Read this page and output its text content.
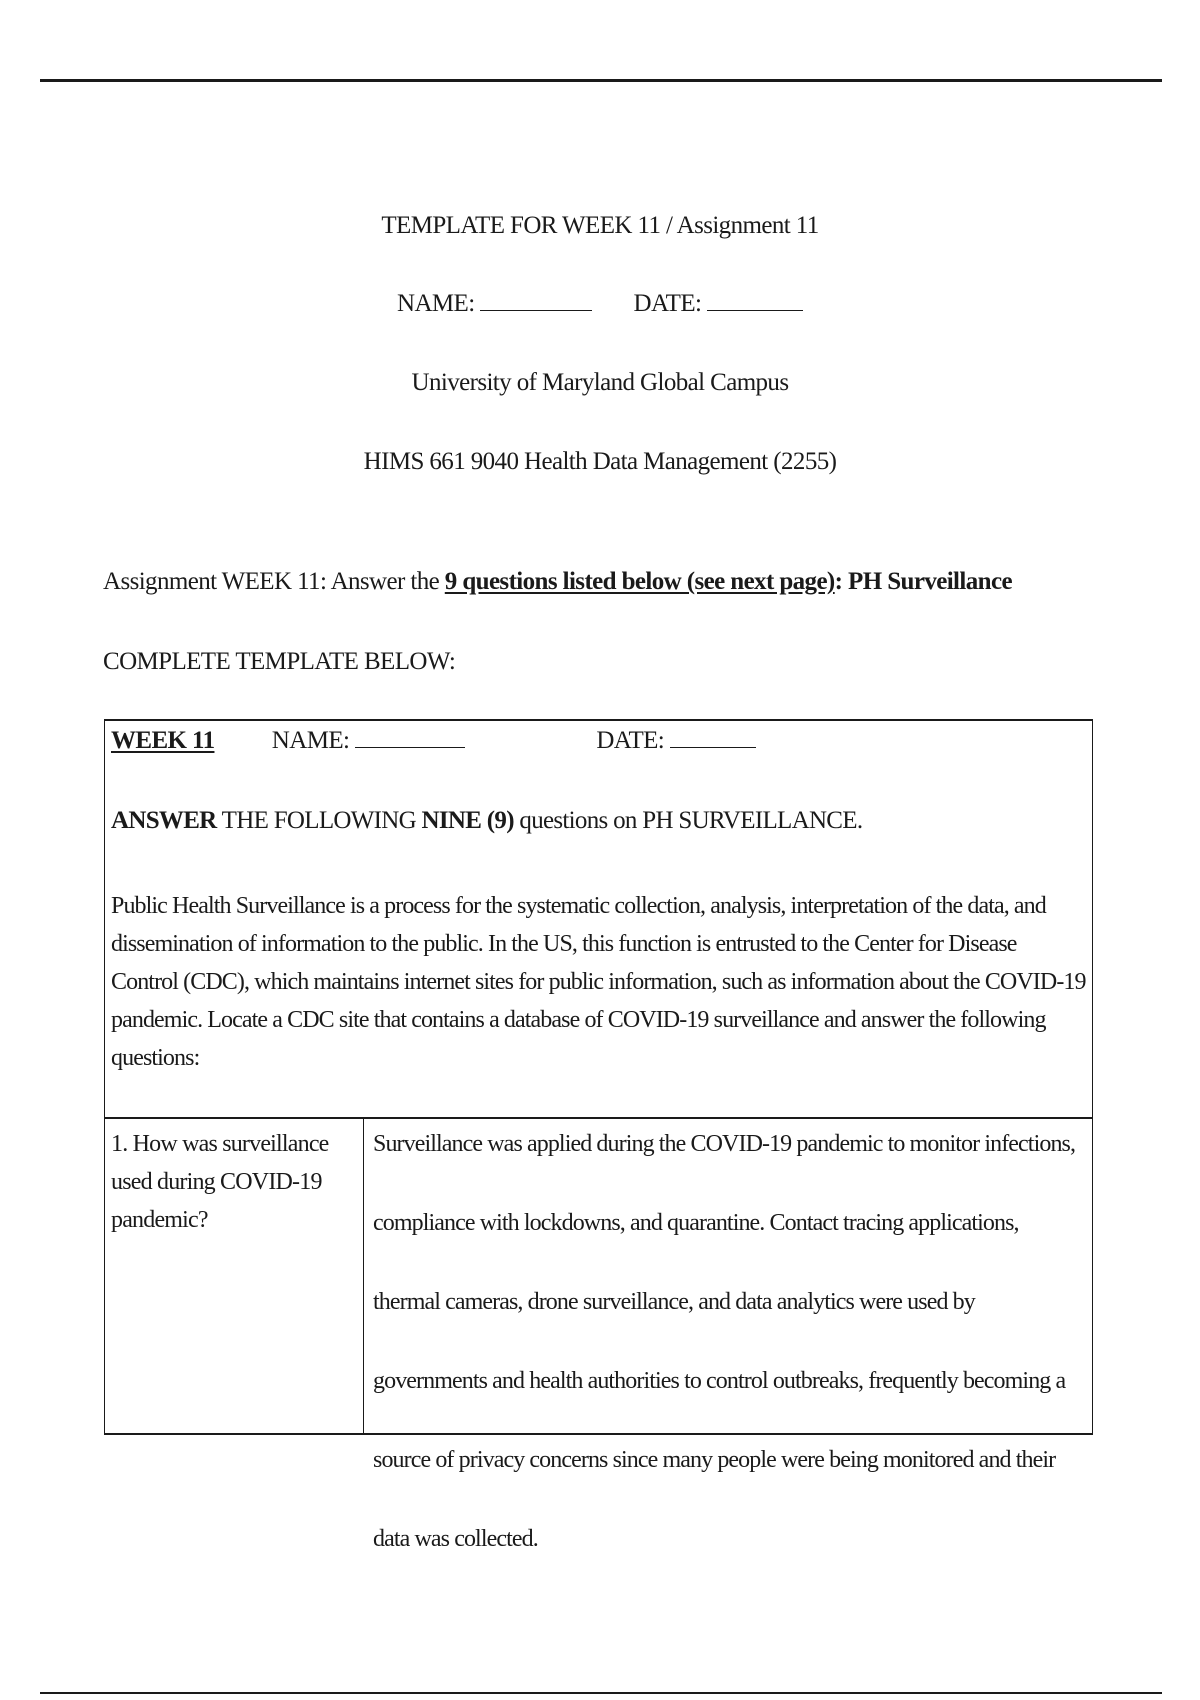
TEMPLATE FOR WEEK 11 / Assignment 11
NAME:	DATE:
University of Maryland Global Campus
HIMS 661 9040 Health Data Management (2255)
Assignment WEEK 11: Answer the 9 questions listed below (see next page): PH Surveillance
COMPLETE TEMPLATE BELOW:
WEEK 11 NAME:	DATE:
ANSWER THE FOLLOWING NINE (9) questions on PH SURVEILLANCE.
Public Health Surveillance is a process for the systematic collection, analysis, interpretation of the data, and dissemination of information to the public. In the US, this function is entrusted to the Center for Disease Control (CDC), which maintains internet sites for public information, such as information about the COVID-19 pandemic. Locate a CDC site that contains a database of COVID-19 surveillance and answer the following questions:
1. How was surveillance used during COVID-19 pandemic?
Surveillance was applied during the COVID-19 pandemic to monitor infections, compliance with lockdowns, and quarantine. Contact tracing applications, thermal cameras, drone surveillance, and data analytics were used by governments and health authorities to control outbreaks, frequently becoming a source of privacy concerns since many people were being monitored and their data was collected.
